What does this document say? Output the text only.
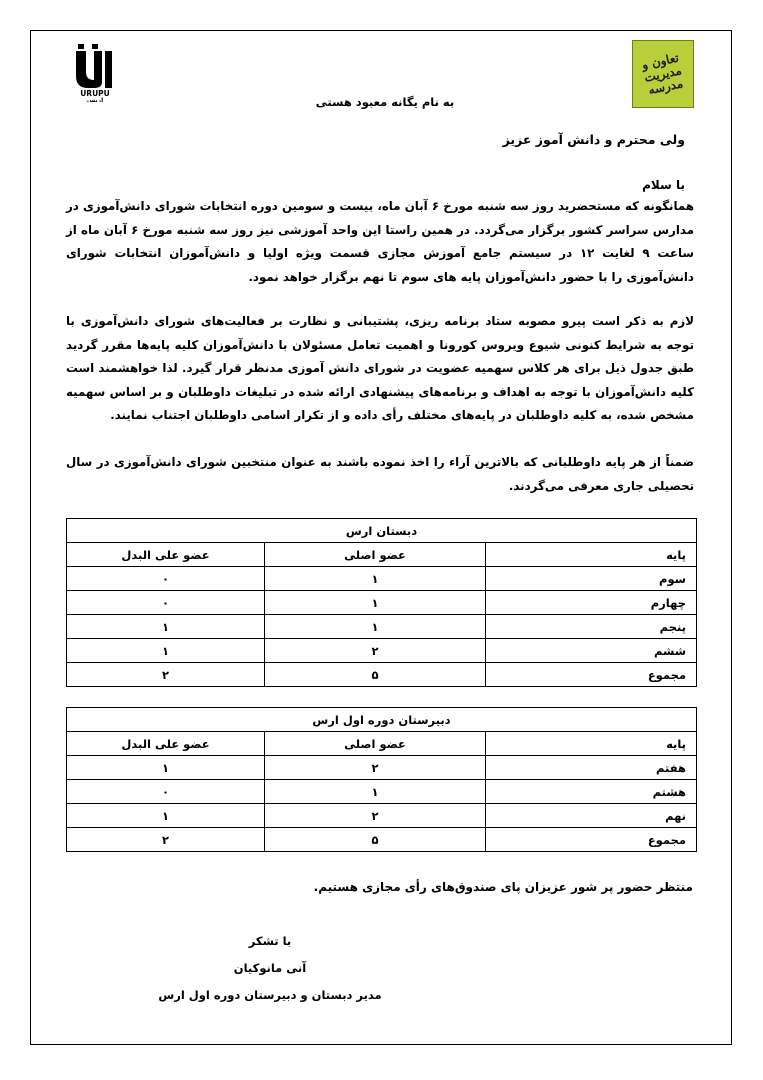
URUPU
اریس
تعاون و مدیریت مدرسه
به نام یگانه معبود هستی
ولی محترم و دانش آموز عزیز
با سلام
همانگونه که مستحضرید روز سه شنبه مورخ ۶ آبان ماه، بیست و سومین دوره انتخابات شورای دانش‌آموزی در مدارس سراسر کشور برگزار می‌گردد. در همین راستا این واحد آموزشی نیز روز سه شنبه مورخ ۶ آبان ماه از ساعت ۹ لغایت ۱۲ در سیستم جامع آموزش مجازی قسمت ویژه اولیا و دانش‌آموزان انتخابات شورای دانش‌آموزی را با حضور دانش‌آموزان پایه های سوم تا نهم برگزار خواهد نمود.
لازم به ذکر است پیرو مصوبه ستاد برنامه ریزی، پشتیبانی و نظارت بر فعالیت‌های شورای دانش‌آموزی با توجه به شرایط کنونی شیوع ویروس کورونا و اهمیت تعامل مسئولان با دانش‌آموزان کلیه پایه‌ها مقرر گردید طبق جدول ذیل برای هر کلاس سهمیه عضویت در شورای دانش آموزی مدنظر قرار گیرد. لذا خواهشمند است کلیه دانش‌آموزان با توجه به اهداف و برنامه‌های پیشنهادی ارائه شده در تبلیغات داوطلبان و بر اساس سهمیه مشخص شده، به کلیه داوطلبان در پایه‌های مختلف رأی داده و از تکرار اسامی داوطلبان اجتناب نمایند.
ضمناً از هر پایه داوطلبانی که بالاترین آراء را اخذ نموده باشند به عنوان منتخبین شورای دانش‌آموزی در سال تحصیلی جاری معرفی می‌گردند.
دبستان ارس		
پایه	عضو اصلی	عضو علی البدل
سوم	۱	۰
چهارم	۱	۰
پنجم	۱	۱
ششم	۲	۱
مجموع	۵	۲
دبیرستان دوره اول ارس		
پایه	عضو اصلی	عضو علی البدل
هفتم	۲	۱
هشتم	۱	۰
نهم	۲	۱
مجموع	۵	۲
منتظر حضور پر شور عزیزان پای صندوق‌های رأی مجازی هستیم.
با تشکر
آنی مانوکیان
مدیر دبستان و دبیرستان دوره اول ارس
